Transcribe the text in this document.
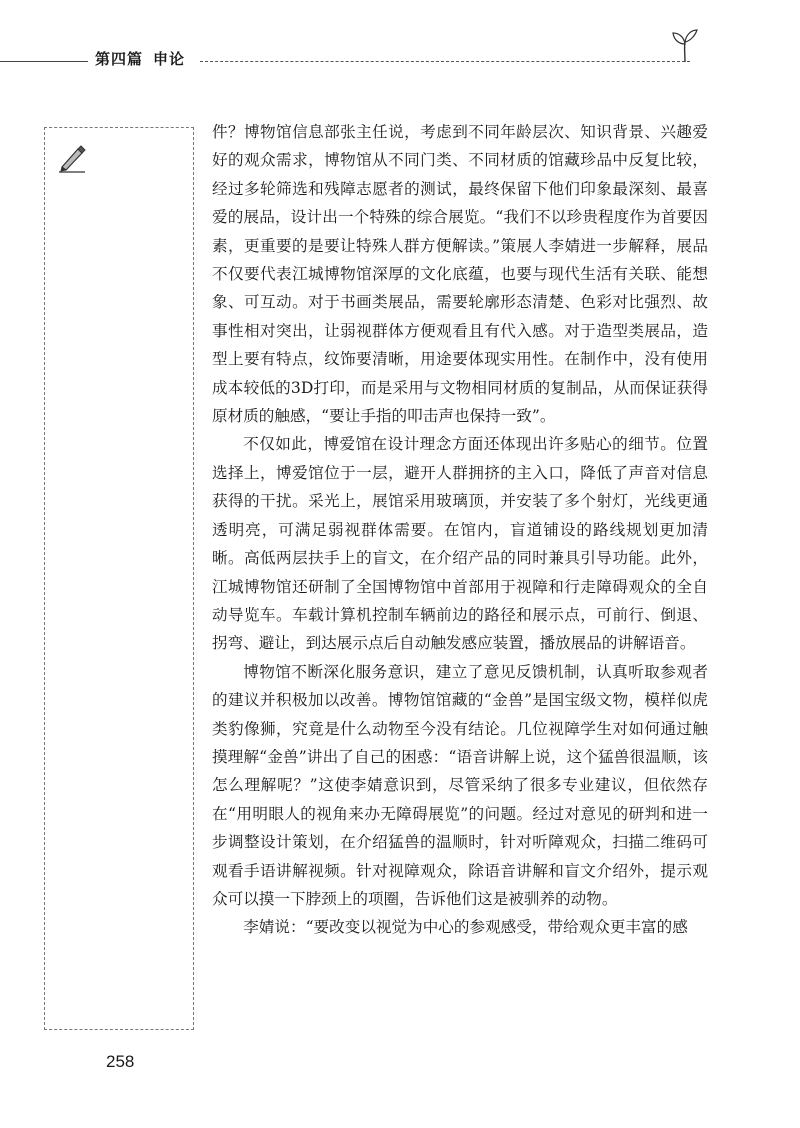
第四篇 申论

件？博物馆信息部张主任说，考虑到不同年龄层次、知识背景、兴趣爱好的观众需求，博物馆从不同门类、不同材质的馆藏珍品中反复比较，经过多轮筛选和残障志愿者的测试，最终保留下他们印象最深刻、最喜爱的展品，设计出一个特殊的综合展览。“我们不以珍贵程度作为首要因素，更重要的是要让特殊人群方便解读。”策展人李婧进一步解释，展品不仅要代表江城博物馆深厚的文化底蕴，也要与现代生活有关联、能想象、可互动。对于书画类展品，需要轮廓形态清楚、色彩对比强烈、故事性相对突出，让弱视群体方便观看且有代入感。对于造型类展品，造型上要有特点，纹饰要清晰，用途要体现实用性。在制作中，没有使用成本较低的3D打印，而是采用与文物相同材质的复制品，从而保证获得原材质的触感，“要让手指的叩击声也保持一致”。

不仅如此，博爱馆在设计理念方面还体现出许多贴心的细节。位置选择上，博爱馆位于一层，避开人群拥挤的主入口，降低了声音对信息获得的干扰。采光上，展馆采用玻璃顶，并安装了多个射灯，光线更通透明亮，可满足弱视群体需要。在馆内，盲道铺设的路线规划更加清晰。高低两层扶手上的盲文，在介绍产品的同时兼具引导功能。此外，江城博物馆还研制了全国博物馆中首部用于视障和行走障碍观众的全自动导览车。车载计算机控制车辆前边的路径和展示点，可前行、倒退、拐弯、避让，到达展示点后自动触发感应装置，播放展品的讲解语音。

博物馆不断深化服务意识，建立了意见反馈机制，认真听取参观者的建议并积极加以改善。博物馆馆藏的“金兽”是国宝级文物，模样似虎类豹像狮，究竟是什么动物至今没有结论。几位视障学生对如何通过触摸理解“金兽”讲出了自己的困惑：“语音讲解上说，这个猛兽很温顺，该怎么理解呢？”这使李婧意识到，尽管采纳了很多专业建议，但依然存在“用明眼人的视角来办无障碍展览”的问题。经过对意见的研判和进一步调整设计策划，在介绍猛兽的温顺时，针对听障观众，扫描二维码可观看手语讲解视频。针对视障观众，除语音讲解和盲文介绍外，提示观众可以摸一下脖颈上的项圈，告诉他们这是被驯养的动物。

李婧说：“要改变以视觉为中心的参观感受，带给观众更丰富的感

258
